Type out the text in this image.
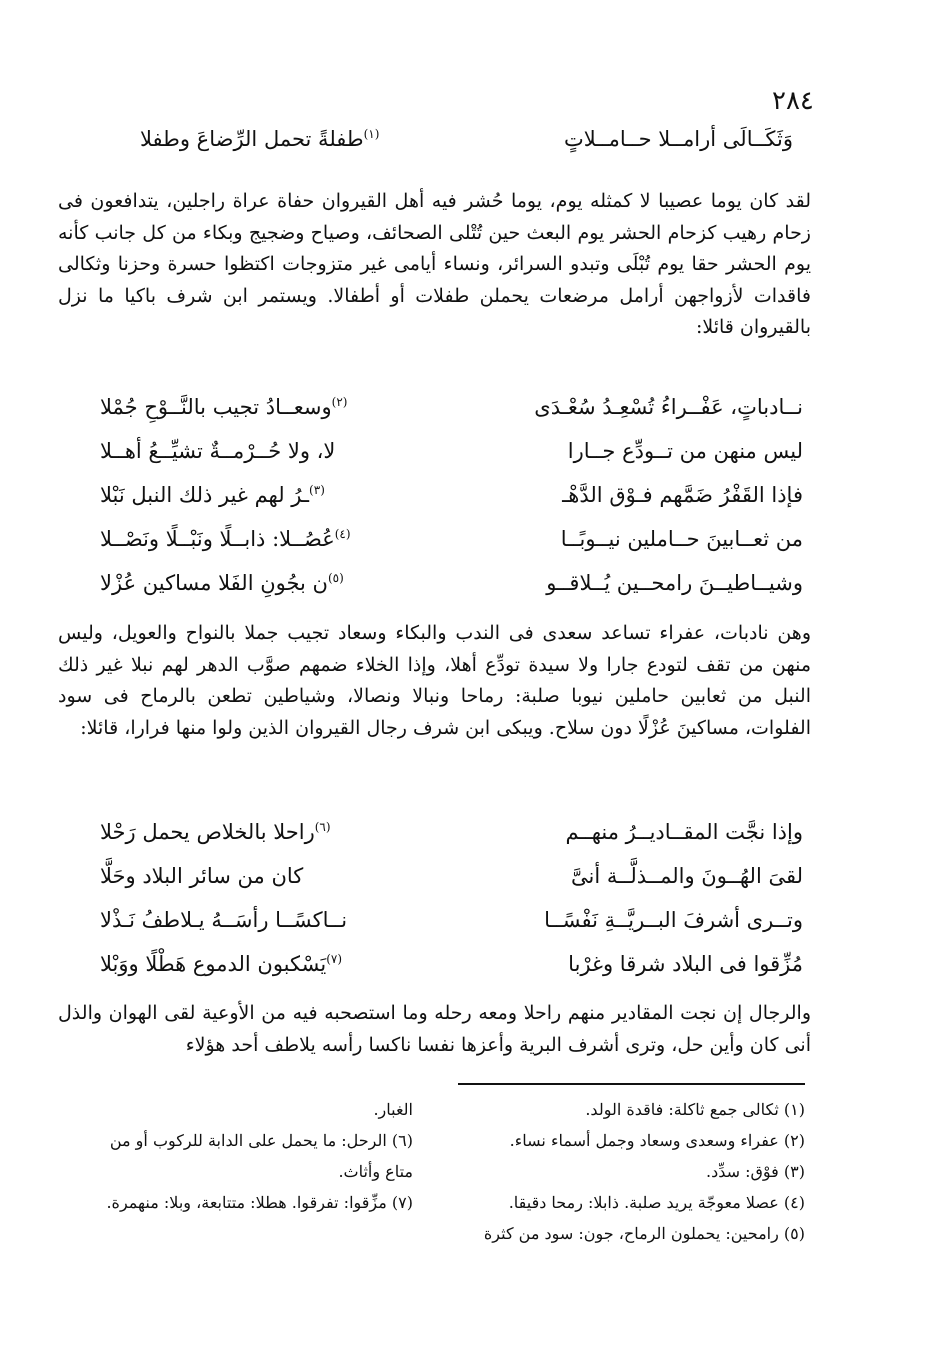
٢٨٤
وَثَكَــالَى أرامــلا حــامــلاتٍ
$^{(١)}$طفلةً تحمل الرِّضاعَ وطفلا

لقد كان يوما عصيبا لا كمثله يوم، يوما حُشر فيه أهل القيروان حفاة عراة راجلين، يتدافعون فى زحام رهيب كزحام الحشر يوم البعث حين تُتْلى الصحائف، وصياح وضجيج وبكاء من كل جانب كأنه يوم الحشر حقا يوم تُبْلَى وتبدو السرائر، ونساء أيامى غير متزوجات اكتظوا حسرة وحزنا وثكالى فاقدات لأزواجهن أرامل مرضعات يحملن طفلات أو أطفالا. ويستمر ابن شرف باكيا ما نزل بالقيروان قائلا:

نــادباتٍ، عَفْــراءُ تُسْعِـدُ سُعْـدَى
$^{(٢)}$وسعــادُ تجيب بالنَّــوْحِ جُمْلا
ليس منهن من تــودِّع جــارا
لا، ولا حُــرْمــةٌ تشيِّــعُ أهــلا
فإذا القَفْرُ ضَمَّهم فـوْق الدَّهْـ
$^{(٣)}$ـرُ لهم غير ذلك النبل نَبْلا
من ثعــابينَ حــاملين نيــوبًــا
$^{(٤)}$عُصُــلا: ذابــلًا ونَبْــلًا ونَصْــلا
وشيــاطيــنَ رامحــين يُــلاقــو
$^{(٥)}$ن بجُونِ الفَلا مساكين عُزْلا

وهن نادبات، عفراء تساعد سعدى فى الندب والبكاء وسعاد تجيب جملا بالنواح والعويل، وليس منهن من تقف لتودع جارا ولا سيدة تودِّع أهلا، وإذا الخلاء ضمهم صوَّب الدهر لهم نبلا غير ذلك النبل من ثعابين حاملين نيوبا صلبة: رماحا ونبالا ونصالا، وشياطين تطعن بالرماح فى سود الفلوات، مساكينَ عُزْلًا دون سلاح. ويبكى ابن شرف رجال القيروان الذين ولوا منها فرارا، قائلا:

وإذا نجَّت المقــاديــرُ منهــم
$^{(٦)}$راحلا بالخلاص يحمل رَحْلا
لقىَ الهُــونَ والمــذلَّــة أنىَّ
كان من سائر البلاد وحَلَّا
وتــرى أشرفَ البــريَّــةِ نَفْسًــا
نــاكسًــا رأسَــهُ يـلاطفُ نَـذْلا
مُزِّقوا فى البلاد شرقا وغرْبا
$^{(٧)}$يَسْكبون الدموع هَطْلًا ووَبْلا

والرجال إن نجت المقادير منهم راحلا ومعه رحله وما استصحبه فيه من الأوعية لقى الهوان والذل أنى كان وأين حل، وترى أشرف البرية وأعزها نفسا ناكسا رأسه يلاطف أحد هؤلاء

(١) ثكالى جمع ثاكلة: فاقدة الولد.
(٢) عفراء وسعدى وسعاد وجمل أسماء نساء.
(٣) فوْق: سدِّد.
(٤) عصلا معوجّة يريد صلبة. ذابلا: رمحا دقيقا.
(٥) رامحين: يحملون الرماح، جون: سود من كثرة
الغبار.
(٦) الرحل: ما يحمل على الدابة للركوب أو من
متاع وأثاث.
(٧) مزِّقوا: تفرقوا. هطلا: متتابعة، وبلا: منهمرة.
